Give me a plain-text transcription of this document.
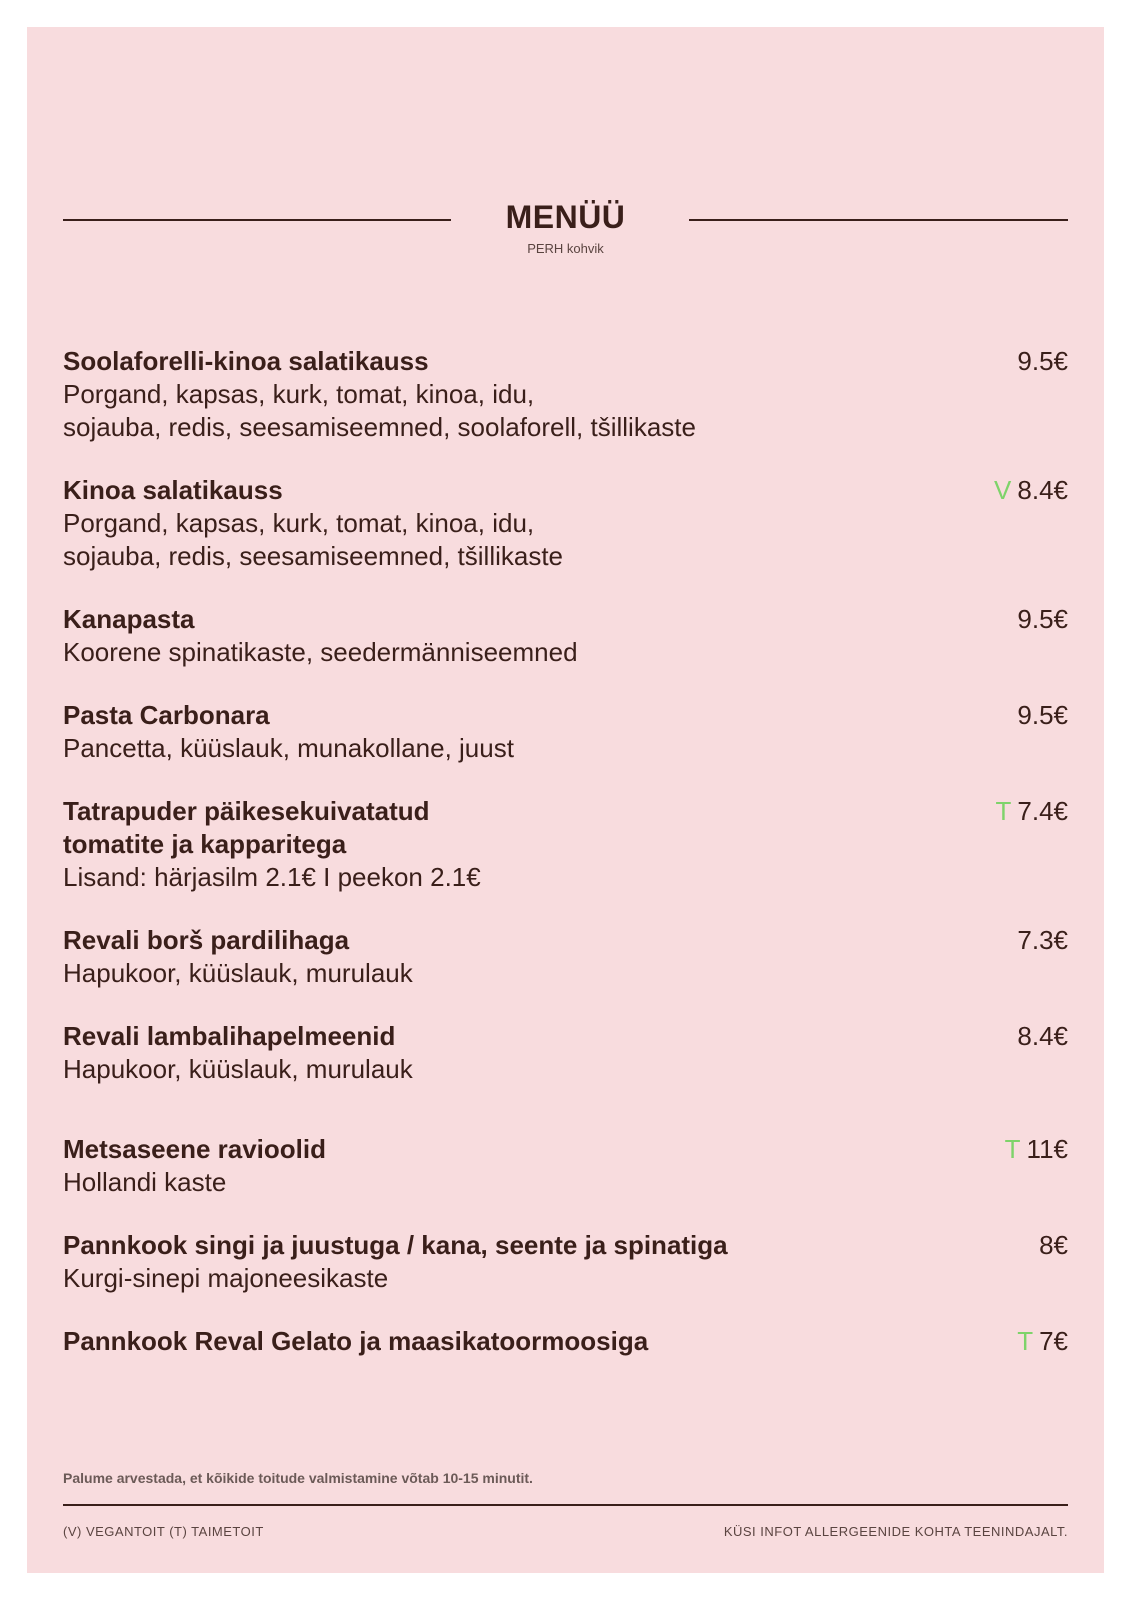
MENÜÜ
PERH kohvik
Soolaforelli-kinoa salatikauss
Porgand, kapsas, kurk, tomat, kinoa, idu,
sojauba, redis, seesamiseemned, soolaforell, tšillikaste
9.5€
Kinoa salatikauss
Porgand, kapsas, kurk, tomat, kinoa, idu,
sojauba, redis, seesamiseemned, tšillikaste
V 8.4€
Kanapasta
Koorene spinatikaste, seedermänniseemned
9.5€
Pasta Carbonara
Pancetta, küüslauk, munakollane, juust
9.5€
Tatrapuder päikesekuivatatud
tomatite ja kapparitega
Lisand: härjasilm 2.1€ I peekon 2.1€
T 7.4€
Revali borš pardilihaga
Hapukoor, küüslauk, murulauk
7.3€
Revali lambalihapelmeenid
Hapukoor, küüslauk, murulauk
8.4€
Metsaseene ravioolid
Hollandi kaste
T 11€
Pannkook singi ja juustuga / kana, seente ja spinatiga
Kurgi-sinepi majoneesikaste
8€
Pannkook Reval Gelato ja maasikatoormoosiga	T 7€
Palume arvestada, et kõikide toitude valmistamine võtab 10-15 minutit.
(V) VEGANTOIT (T) TAIMETOIT	KÜSI INFOT ALLERGEENIDE KOHTA TEENINDAJALT.
